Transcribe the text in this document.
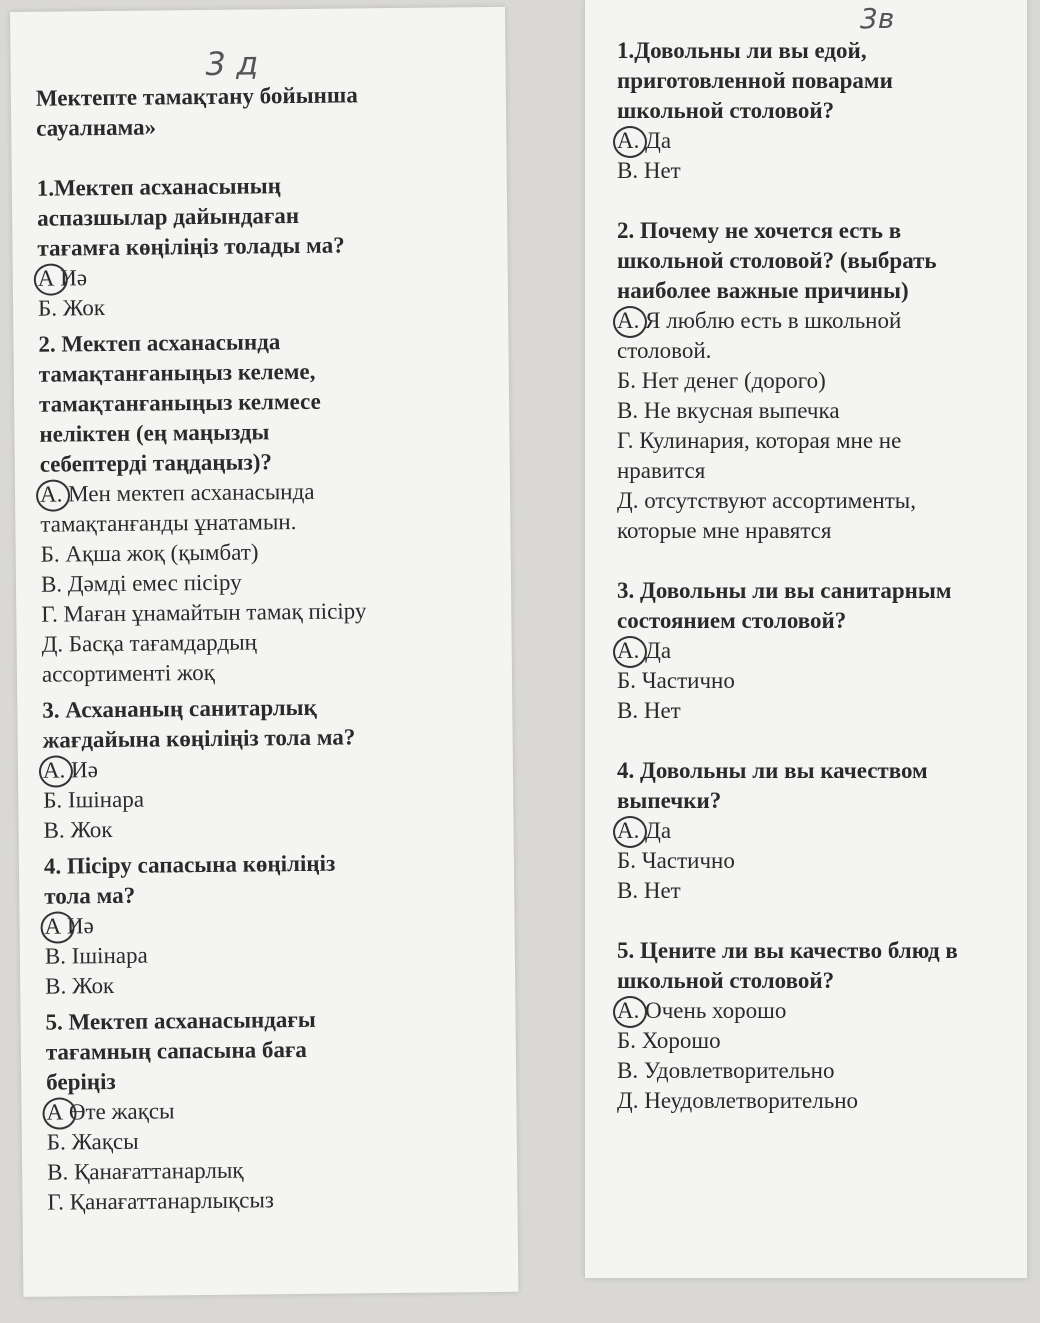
3 д
Мектепте тамақтану бойынша сауалнама»

1.Мектеп асханасының аспазшылар дайындаған тағамға көңіліңіз толады ма?

А Иә

Б. Жок

2. Мектеп асханасында тамақтанғаныңыз келеме, тамақтанғаныңыз келмесе неліктен (ең маңызды себептерді таңдаңыз)?

А. Мен мектеп асханасында тамақтанғанды ұнатамын.

Б. Ақша жоқ (қымбат)

В. Дәмді емес пісіру

Г. Маған ұнамайтын тамақ пісіру

Д. Басқа тағамдардың ассортименті жоқ

3. Асхананың санитарлық жағдайына көңіліңіз тола ма?

А. Иә

Б. Ішінара

В. Жок

4. Пісіру сапасына көңіліңіз тола ма?

А Иә

В. Ішінара

В. Жок

5. Мектеп асханасындағы тағамның сапасына баға беріңіз

А Өте жақсы

Б. Жақсы

В. Қанағаттанарлық

Г. Қанағаттанарлықсыз

3в

1.Довольны ли вы едой, приготовленной поварами школьной столовой?

А. Да

В. Нет

2. Почему не хочется есть в школьной столовой? (выбрать наиболее важные причины)

А. Я люблю есть в школьной столовой.

Б. Нет денег (дорого)

В. Не вкусная выпечка

Г. Кулинария, которая мне не нравится

Д. отсутствуют ассортименты, которые мне нравятся

3. Довольны ли вы санитарным состоянием столовой?

А. Да

Б. Частично

В. Нет

4. Довольны ли вы качеством выпечки?

А. Да

Б. Частично

В. Нет

5. Цените ли вы качество блюд в школьной столовой?

А. Очень хорошо

Б. Хорошо

В. Удовлетворительно

Д. Неудовлетворительно
